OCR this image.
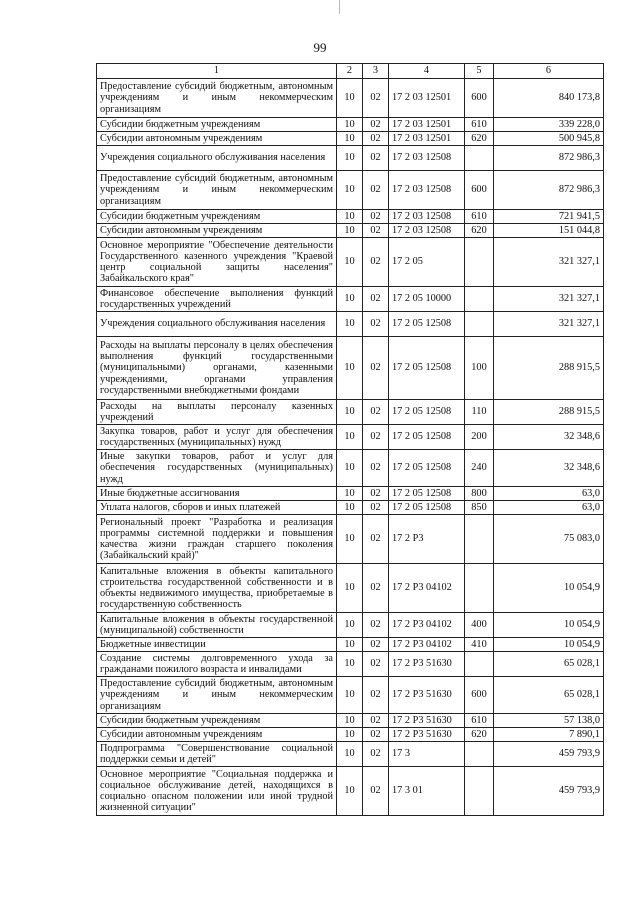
99
1	2	3	4	5	6
Предоставление субсидий бюджетным, автономным учреждениям и иным некоммерческим организациям	10	02	17 2 03 12501	600	840 173,8
Субсидии бюджетным учреждениям	10	02	17 2 03 12501	610	339 228,0
Субсидии автономным учреждениям	10	02	17 2 03 12501	620	500 945,8
Учреждения социального обслуживания населения	10	02	17 2 03 12508		872 986,3
Предоставление субсидий бюджетным, автономным учреждениям и иным некоммерческим организациям	10	02	17 2 03 12508	600	872 986,3
Субсидии бюджетным учреждениям	10	02	17 2 03 12508	610	721 941,5
Субсидии автономным учреждениям	10	02	17 2 03 12508	620	151 044,8
Основное мероприятие "Обеспечение деятельности Государственного казенного учреждения "Краевой центр социальной защиты населения" Забайкальского края"	10	02	17 2 05		321 327,1
Финансовое обеспечение выполнения функций государственных учреждений	10	02	17 2 05 10000		321 327,1
Учреждения социального обслуживания населения	10	02	17 2 05 12508		321 327,1
Расходы на выплаты персоналу в целях обеспечения выполнения функций государственными (муниципальными) органами, казенными учреждениями, органами управления государственными внебюджетными фондами	10	02	17 2 05 12508	100	288 915,5
Расходы на выплаты персоналу казенных учреждений	10	02	17 2 05 12508	110	288 915,5
Закупка товаров, работ и услуг для обеспечения государственных (муниципальных) нужд	10	02	17 2 05 12508	200	32 348,6
Иные закупки товаров, работ и услуг для обеспечения государственных (муниципальных) нужд	10	02	17 2 05 12508	240	32 348,6
Иные бюджетные ассигнования	10	02	17 2 05 12508	800	63,0
Уплата налогов, сборов и иных платежей	10	02	17 2 05 12508	850	63,0
Региональный проект "Разработка и реализация программы системной поддержки и повышения качества жизни граждан старшего поколения (Забайкальский край)"	10	02	17 2 Р3		75 083,0
Капитальные вложения в объекты капитального строительства государственной собственности и в объекты недвижимого имущества, приобретаемые в государственную собственность	10	02	17 2 Р3 04102		10 054,9
Капитальные вложения в объекты государственной (муниципальной) собственности	10	02	17 2 Р3 04102	400	10 054,9
Бюджетные инвестиции	10	02	17 2 Р3 04102	410	10 054,9
Создание системы долговременного ухода за гражданами пожилого возраста и инвалидами	10	02	17 2 Р3 51630		65 028,1
Предоставление субсидий бюджетным, автономным учреждениям и иным некоммерческим организациям	10	02	17 2 Р3 51630	600	65 028,1
Субсидии бюджетным учреждениям	10	02	17 2 Р3 51630	610	57 138,0
Субсидии автономным учреждениям	10	02	17 2 Р3 51630	620	7 890,1
Подпрограмма "Совершенствование социальной поддержки семьи и детей"	10	02	17 3		459 793,9
Основное мероприятие "Социальная поддержка и социальное обслуживание детей, находящихся в социально опасном положении или иной трудной жизненной ситуации"	10	02	17 3 01		459 793,9
